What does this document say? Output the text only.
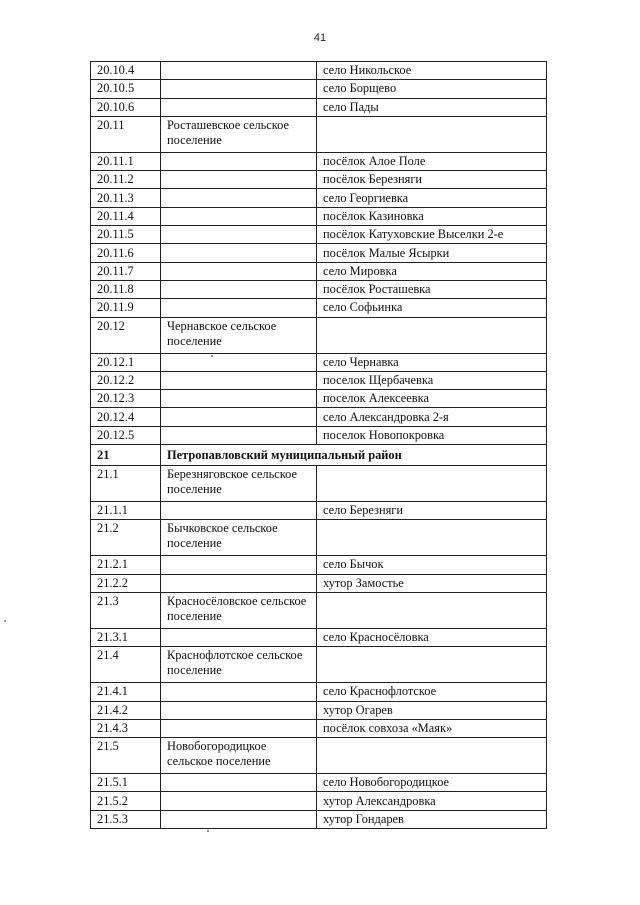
41
20.10.4		село Никольское
20.10.5		село Борщево
20.10.6		село Пады
20.11	Росташевское сельское поселение	
20.11.1		посёлок Алое Поле
20.11.2		посёлок Березняги
20.11.3		село Георгиевка
20.11.4		посёлок Казиновка
20.11.5		посёлок Катуховские Выселки 2-е
20.11.6		посёлок Малые Ясырки
20.11.7		село Мировка
20.11.8		посёлок Росташевка
20.11.9		село Софьинка
20.12	Чернавское сельское поселение	
20.12.1		село Чернавка
20.12.2		поселок Щербачевка
20.12.3		поселок Алексеевка
20.12.4		село Александровка 2-я
20.12.5		поселок Новопокровка
21	Петропавловский муниципальный район	
21.1	Березняговское сельское поселение	
21.1.1		село Березняги
21.2	Бычковское сельское поселение	
21.2.1		село Бычок
21.2.2		хутор Замостье
21.3	Красносёловское сельское поселение	
21.3.1		село Красносёловка
21.4	Краснофлотское сельское поселение	
21.4.1		село Краснофлотское
21.4.2		хутор Огарев
21.4.3		посёлок совхоза «Маяк»
21.5	Новобогородицкое сельское поселение	
21.5.1		село Новобогородицкое
21.5.2		хутор Александровка
21.5.3		хутор Гондарев
